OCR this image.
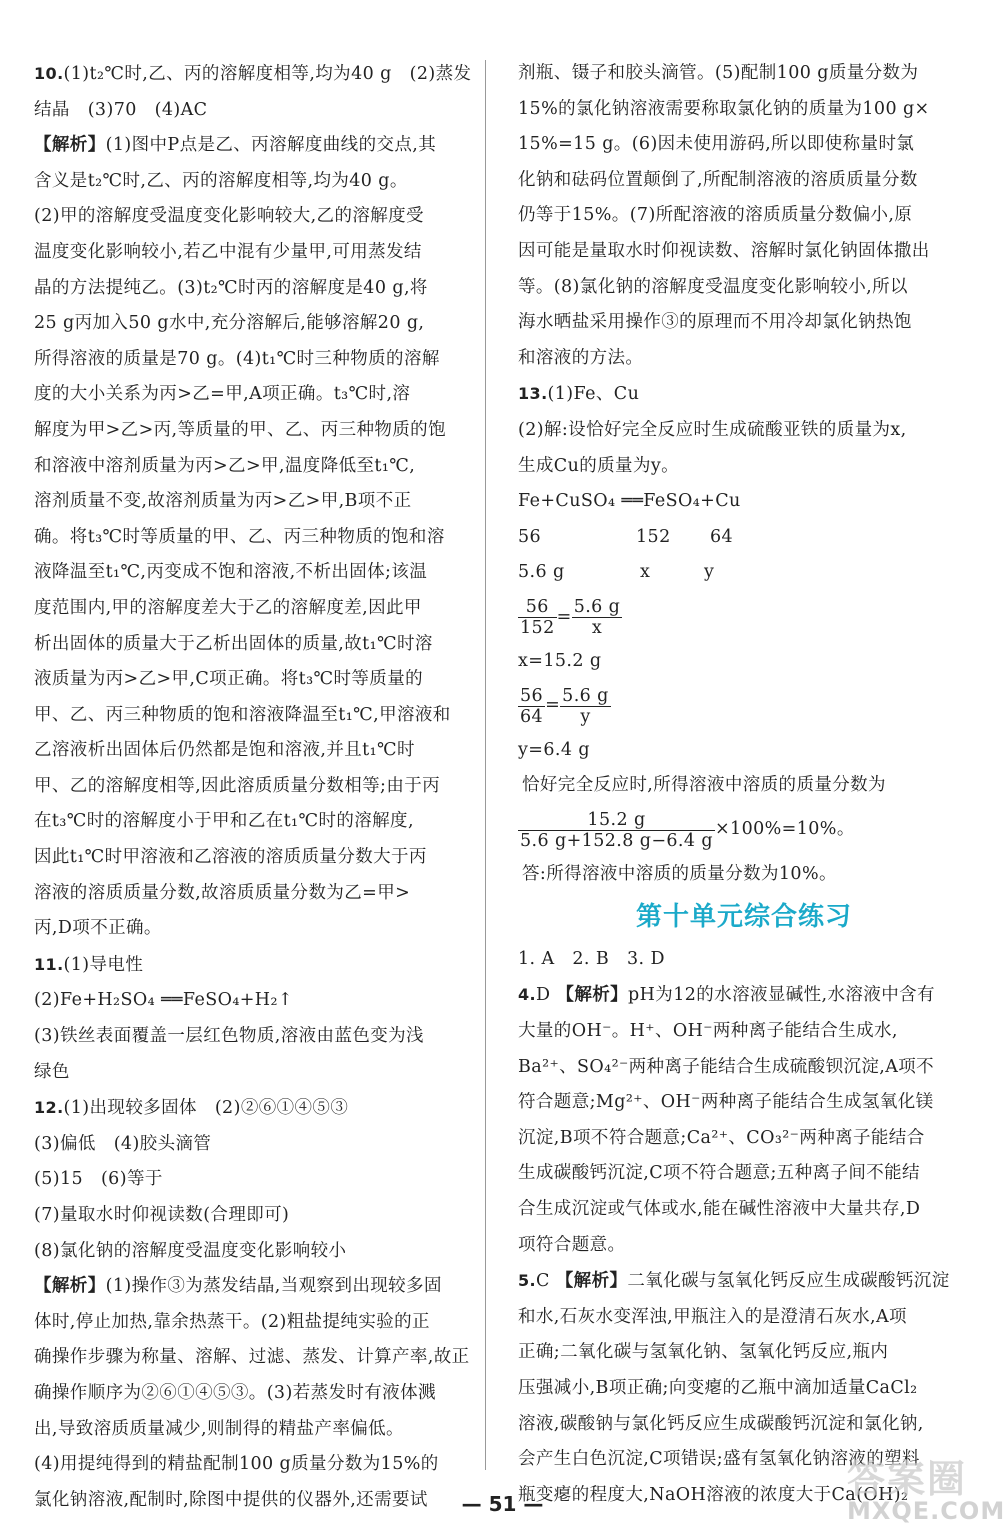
10.(1)t₂℃时,乙、丙的溶解度相等,均为40 g　(2)蒸发
结晶　(3)70　(4)AC
【解析】(1)图中P点是乙、丙溶解度曲线的交点,其
含义是t₂℃时,乙、丙的溶解度相等,均为40 g。
(2)甲的溶解度受温度变化影响较大,乙的溶解度受
温度变化影响较小,若乙中混有少量甲,可用蒸发结
晶的方法提纯乙。(3)t₂℃时丙的溶解度是40 g,将
25 g丙加入50 g水中,充分溶解后,能够溶解20 g,
所得溶液的质量是70 g。(4)t₁℃时三种物质的溶解
度的大小关系为丙>乙=甲,A项正确。t₃℃时,溶
解度为甲>乙>丙,等质量的甲、乙、丙三种物质的饱
和溶液中溶剂质量为丙>乙>甲,温度降低至t₁℃,
溶剂质量不变,故溶剂质量为丙>乙>甲,B项不正
确。将t₃℃时等质量的甲、乙、丙三种物质的饱和溶
液降温至t₁℃,丙变成不饱和溶液,不析出固体;该温
度范围内,甲的溶解度差大于乙的溶解度差,因此甲
析出固体的质量大于乙析出固体的质量,故t₁℃时溶
液质量为丙>乙>甲,C项正确。将t₃℃时等质量的
甲、乙、丙三种物质的饱和溶液降温至t₁℃,甲溶液和
乙溶液析出固体后仍然都是饱和溶液,并且t₁℃时
甲、乙的溶解度相等,因此溶质质量分数相等;由于丙
在t₃℃时的溶解度小于甲和乙在t₁℃时的溶解度,
因此t₁℃时甲溶液和乙溶液的溶质质量分数大于丙
溶液的溶质质量分数,故溶质质量分数为乙=甲>
丙,D项不正确。
11.(1)导电性
(2)Fe+H₂SO₄ ══FeSO₄+H₂↑
(3)铁丝表面覆盖一层红色物质,溶液由蓝色变为浅
绿色
12.(1)出现较多固体　(2)②⑥①④⑤③
(3)偏低　(4)胶头滴管
(5)15　(6)等于
(7)量取水时仰视读数(合理即可)
(8)氯化钠的溶解度受温度变化影响较小
【解析】(1)操作③为蒸发结晶,当观察到出现较多固
体时,停止加热,靠余热蒸干。(2)粗盐提纯实验的正
确操作步骤为称量、溶解、过滤、蒸发、计算产率,故正
确操作顺序为②⑥①④⑤③。(3)若蒸发时有液体溅
出,导致溶质质量减少,则制得的精盐产率偏低。
(4)用提纯得到的精盐配制100 g质量分数为15%的
氯化钠溶液,配制时,除图中提供的仪器外,还需要试
剂瓶、镊子和胶头滴管。(5)配制100 g质量分数为
15%的氯化钠溶液需要称取氯化钠的质量为100 g×
15%=15 g。(6)因未使用游码,所以即使称量时氯
化钠和砝码位置颠倒了,所配制溶液的溶质质量分数
仍等于15%。(7)所配溶液的溶质质量分数偏小,原
因可能是量取水时仰视读数、溶解时氯化钠固体撒出
等。(8)氯化钠的溶解度受温度变化影响较小,所以
海水晒盐采用操作③的原理而不用冷却氯化钠热饱
和溶液的方法。
13.(1)Fe、Cu
(2)解:设恰好完全反应时生成硫酸亚铁的质量为x,
生成Cu的质量为y。
Fe+CuSO₄ ══FeSO₄+Cu
56	152	64
5.6 g	x	y
$\frac{56}{152} = \frac{5.6 g}{x}$
x=15.2 g
$\frac{56}{64} = \frac{5.6 g}{y}$
y=6.4 g
恰好完全反应时,所得溶液中溶质的质量分数为
$\frac{15.2 g}{5.6 g+152.8 g-6.4 g} \times 100\%=10\%$。
答:所得溶液中溶质的质量分数为10%。
第十单元综合练习
1. A　2. B　3. D
4.D 【解析】pH为12的水溶液显碱性,水溶液中含有
大量的OH⁻。H⁺、OH⁻两种离子能结合生成水,
Ba²⁺、SO₄²⁻两种离子能结合生成硫酸钡沉淀,A项不
符合题意;Mg²⁺、OH⁻两种离子能结合生成氢氧化镁
沉淀,B项不符合题意;Ca²⁺、CO₃²⁻两种离子能结合
生成碳酸钙沉淀,C项不符合题意;五种离子间不能结
合生成沉淀或气体或水,能在碱性溶液中大量共存,D
项符合题意。
5.C 【解析】二氧化碳与氢氧化钙反应生成碳酸钙沉淀
和水,石灰水变浑浊,甲瓶注入的是澄清石灰水,A项
正确;二氧化碳与氢氧化钠、氢氧化钙反应,瓶内
压强减小,B项正确;向变瘪的乙瓶中滴加适量CaCl₂
溶液,碳酸钠与氯化钙反应生成碳酸钙沉淀和氯化钠,
会产生白色沉淀,C项错误;盛有氢氧化钠溶液的塑料
瓶变瘪的程度大,NaOH溶液的浓度大于Ca(OH)₂
— 51 —
答案圈
MXQE.COM
